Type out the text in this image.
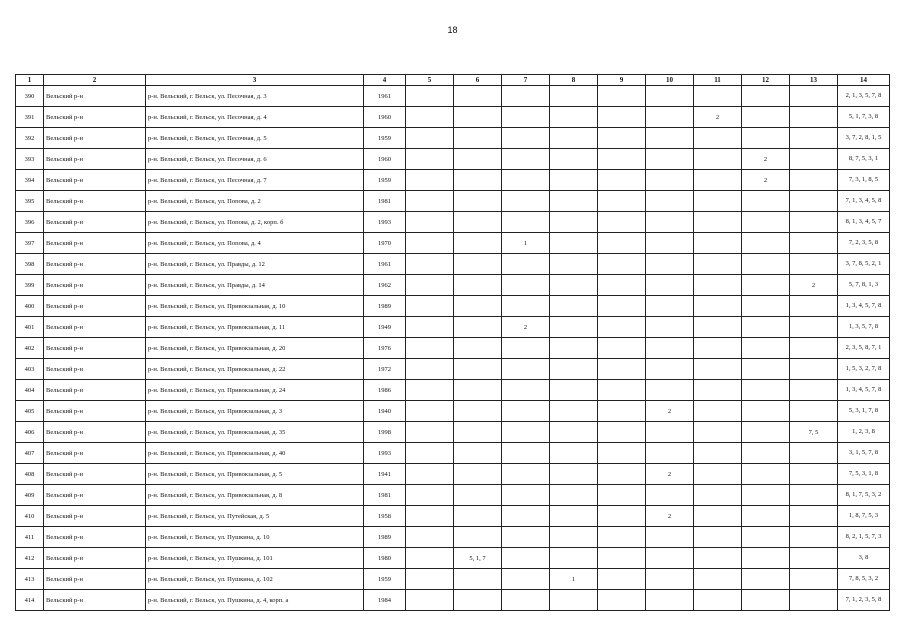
18
1	2	3	4	5	6	7	8	9	10	11	12	13	14
390	Вельский р-н	р-н. Вельский, г. Вельск, ул. Песочная, д. 3	1961										2, 1, 3, 5, 7, 8
391	Вельский р-н	р-н. Вельский, г. Вельск, ул. Песочная, д. 4	1960							2			5, 1, 7, 3, 8
392	Вельский р-н	р-н. Вельский, г. Вельск, ул. Песочная, д. 5	1959										3, 7, 2, 8, 1, 5
393	Вельский р-н	р-н. Вельский, г. Вельск, ул. Песочная, д. 6	1960								2		8, 7, 5, 3, 1
394	Вельский р-н	р-н. Вельский, г. Вельск, ул. Песочная, д. 7	1959								2		7, 3, 1, 8, 5
395	Вельский р-н	р-н. Вельский, г. Вельск, ул. Попова, д. 2	1981										7, 1, 3, 4, 5, 8
396	Вельский р-н	р-н. Вельский, г. Вельск, ул. Попова, д. 2, корп. б	1993										8, 1, 3, 4, 5, 7
397	Вельский р-н	р-н. Вельский, г. Вельск, ул. Попова, д. 4	1970			1							7, 2, 3, 5, 8
398	Вельский р-н	р-н. Вельский, г. Вельск, ул. Правды, д. 12	1961										3, 7, 8, 5, 2, 1
399	Вельский р-н	р-н. Вельский, г. Вельск, ул. Правды, д. 14	1962									2	5, 7, 8, 1, 3
400	Вельский р-н	р-н. Вельский, г. Вельск, ул. Привокзальная, д. 10	1989										1, 3, 4, 5, 7, 8
401	Вельский р-н	р-н. Вельский, г. Вельск, ул. Привокзальная, д. 11	1949			2							1, 3, 5, 7, 8
402	Вельский р-н	р-н. Вельский, г. Вельск, ул. Привокзальная, д. 20	1976										2, 3, 5, 8, 7, 1
403	Вельский р-н	р-н. Вельский, г. Вельск, ул. Привокзальная, д. 22	1972										1, 5, 3, 2, 7, 8
404	Вельский р-н	р-н. Вельский, г. Вельск, ул. Привокзальная, д. 24	1986										1, 3, 4, 5, 7, 8
405	Вельский р-н	р-н. Вельский, г. Вельск, ул. Привокзальная, д. 3	1940						2				5, 3, 1, 7, 8
406	Вельский р-н	р-н. Вельский, г. Вельск, ул. Привокзальная, д. 35	1998									7, 5	1, 2, 3, 8
407	Вельский р-н	р-н. Вельский, г. Вельск, ул. Привокзальная, д. 40	1993										3, 1, 5, 7, 8
408	Вельский р-н	р-н. Вельский, г. Вельск, ул. Привокзальная, д. 5	1941						2				7, 5, 3, 1, 8
409	Вельский р-н	р-н. Вельский, г. Вельск, ул. Привокзальная, д. 8	1981										8, 1, 7, 5, 3, 2
410	Вельский р-н	р-н. Вельский, г. Вельск, ул. Путейская, д. 5	1958						2				1, 8, 7, 5, 3
411	Вельский р-н	р-н. Вельский, г. Вельск, ул. Пушкина, д. 10	1989										8, 2, 1, 5, 7, 3
412	Вельский р-н	р-н. Вельский, г. Вельск, ул. Пушкина, д. 101	1980		5, 1, 7								3, 8
413	Вельский р-н	р-н. Вельский, г. Вельск, ул. Пушкина, д. 102	1959				1						7, 8, 5, 3, 2
414	Вельский р-н	р-н. Вельский, г. Вельск, ул. Пушкина, д. 4, корп. а	1984										7, 1, 2, 3, 5, 8
